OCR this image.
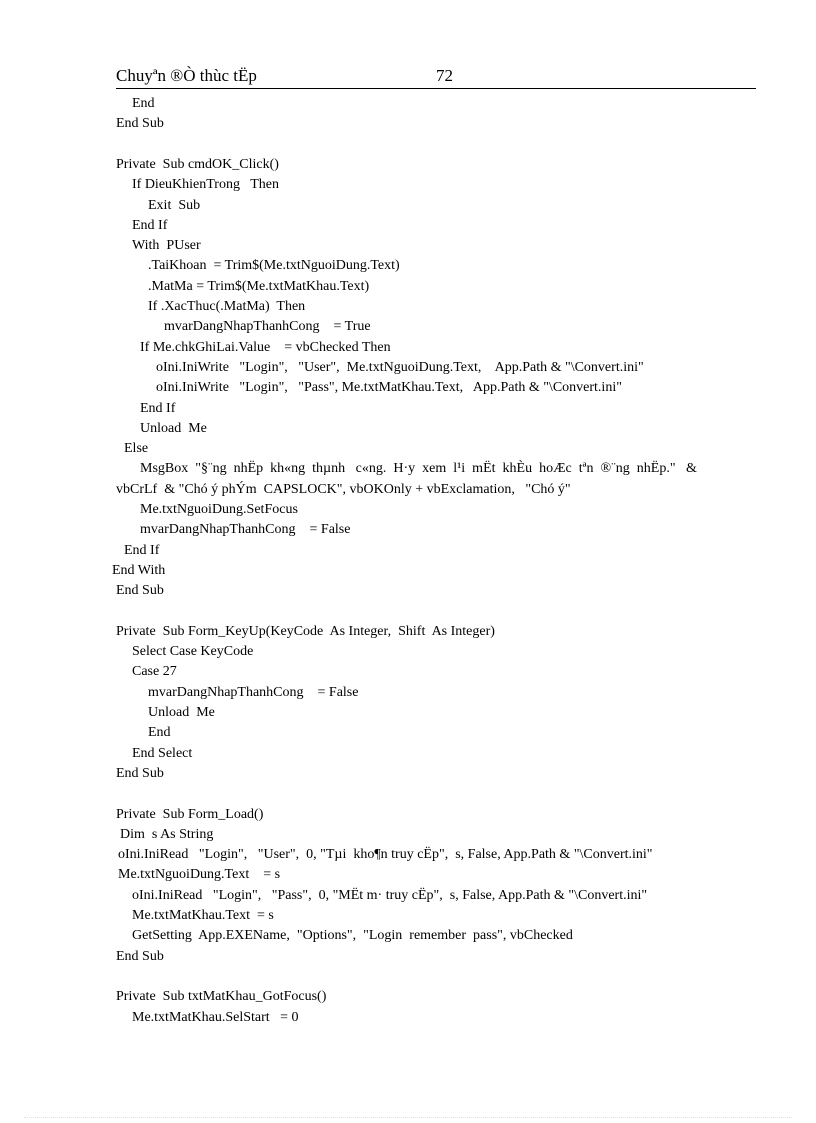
Chuyªn ®Ò thùc tËp	72
End
End Sub
Private  Sub cmdOK_Click()
If DieuKhienTrong   Then
Exit  Sub
End If
With  PUser
.TaiKhoan  = Trim$(Me.txtNguoiDung.Text)
.MatMa = Trim$(Me.txtMatKhau.Text)
If .XacThuc(.MatMa)  Then
mvarDangNhapThanhCong    = True
If Me.chkGhiLai.Value    = vbChecked Then
oIni.IniWrite   "Login",   "User",  Me.txtNguoiDung.Text,    App.Path & "\Convert.ini"
oIni.IniWrite   "Login",   "Pass", Me.txtMatKhau.Text,   App.Path & "\Convert.ini"
End If
Unload  Me
Else
MsgBox  "§¨ng  nhËp  kh«ng  thµnh   c«ng.  H·y  xem  l¹i  mËt  khÈu  hoÆc  tªn  ®¨ng  nhËp."   &
vbCrLf  & "Chó ý phÝm  CAPSLOCK", vbOKOnly + vbExclamation,   "Chó ý"
Me.txtNguoiDung.SetFocus
mvarDangNhapThanhCong    = False
End If
End With
End Sub
Private  Sub Form_KeyUp(KeyCode  As Integer,  Shift  As Integer)
Select Case KeyCode
Case 27
mvarDangNhapThanhCong    = False
Unload  Me
End
End Select
End Sub
Private  Sub Form_Load()
Dim  s As String
oIni.IniRead   "Login",   "User",  0, "Tµi  kho¶n truy cËp",  s, False, App.Path & "\Convert.ini"
Me.txtNguoiDung.Text    = s
oIni.IniRead   "Login",   "Pass",  0, "MËt m· truy cËp",  s, False, App.Path & "\Convert.ini"
Me.txtMatKhau.Text  = s
GetSetting  App.EXEName,  "Options",  "Login  remember  pass", vbChecked
End Sub
Private  Sub txtMatKhau_GotFocus()
Me.txtMatKhau.SelStart   = 0
